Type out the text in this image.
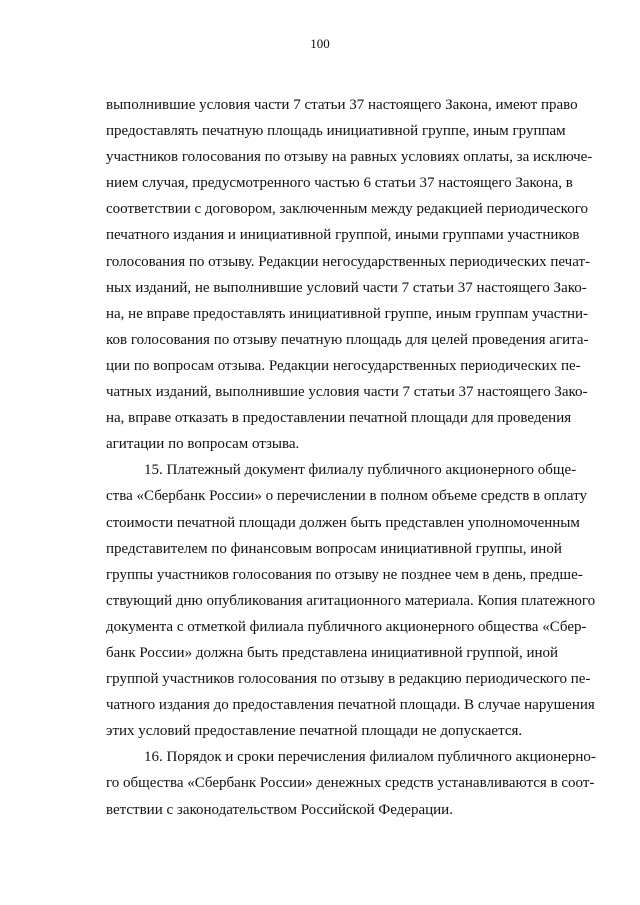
100

выполнившие условия части 7 статьи 37 настоящего Закона, имеют право
предоставлять печатную площадь инициативной группе, иным группам
участников голосования по отзыву на равных условиях оплаты, за исключе-
нием случая, предусмотренного частью 6 статьи 37 настоящего Закона, в
соответствии с договором, заключенным между редакцией периодического
печатного издания и инициативной группой, иными группами участников
голосования по отзыву. Редакции негосударственных периодических печат-
ных изданий, не выполнившие условий части 7 статьи 37 настоящего Зако-
на, не вправе предоставлять инициативной группе, иным группам участни-
ков голосования по отзыву печатную площадь для целей проведения агита-
ции по вопросам отзыва. Редакции негосударственных периодических пе-
чатных изданий, выполнившие условия части 7 статьи 37 настоящего Зако-
на, вправе отказать в предоставлении печатной площади для проведения
агитации по вопросам отзыва.

15. Платежный документ филиалу публичного акционерного обще-
ства «Сбербанк России» о перечислении в полном объеме средств в оплату
стоимости печатной площади должен быть представлен уполномоченным
представителем по финансовым вопросам инициативной группы, иной
группы участников голосования по отзыву не позднее чем в день, предше-
ствующий дню опубликования агитационного материала. Копия платежного
документа с отметкой филиала публичного акционерного общества «Сбер-
банк России» должна быть представлена инициативной группой, иной
группой участников голосования по отзыву в редакцию периодического пе-
чатного издания до предоставления печатной площади. В случае нарушения
этих условий предоставление печатной площади не допускается.

16. Порядок и сроки перечисления филиалом публичного акционерно-
го общества «Сбербанк России» денежных средств устанавливаются в соот-
ветствии с законодательством Российской Федерации.
